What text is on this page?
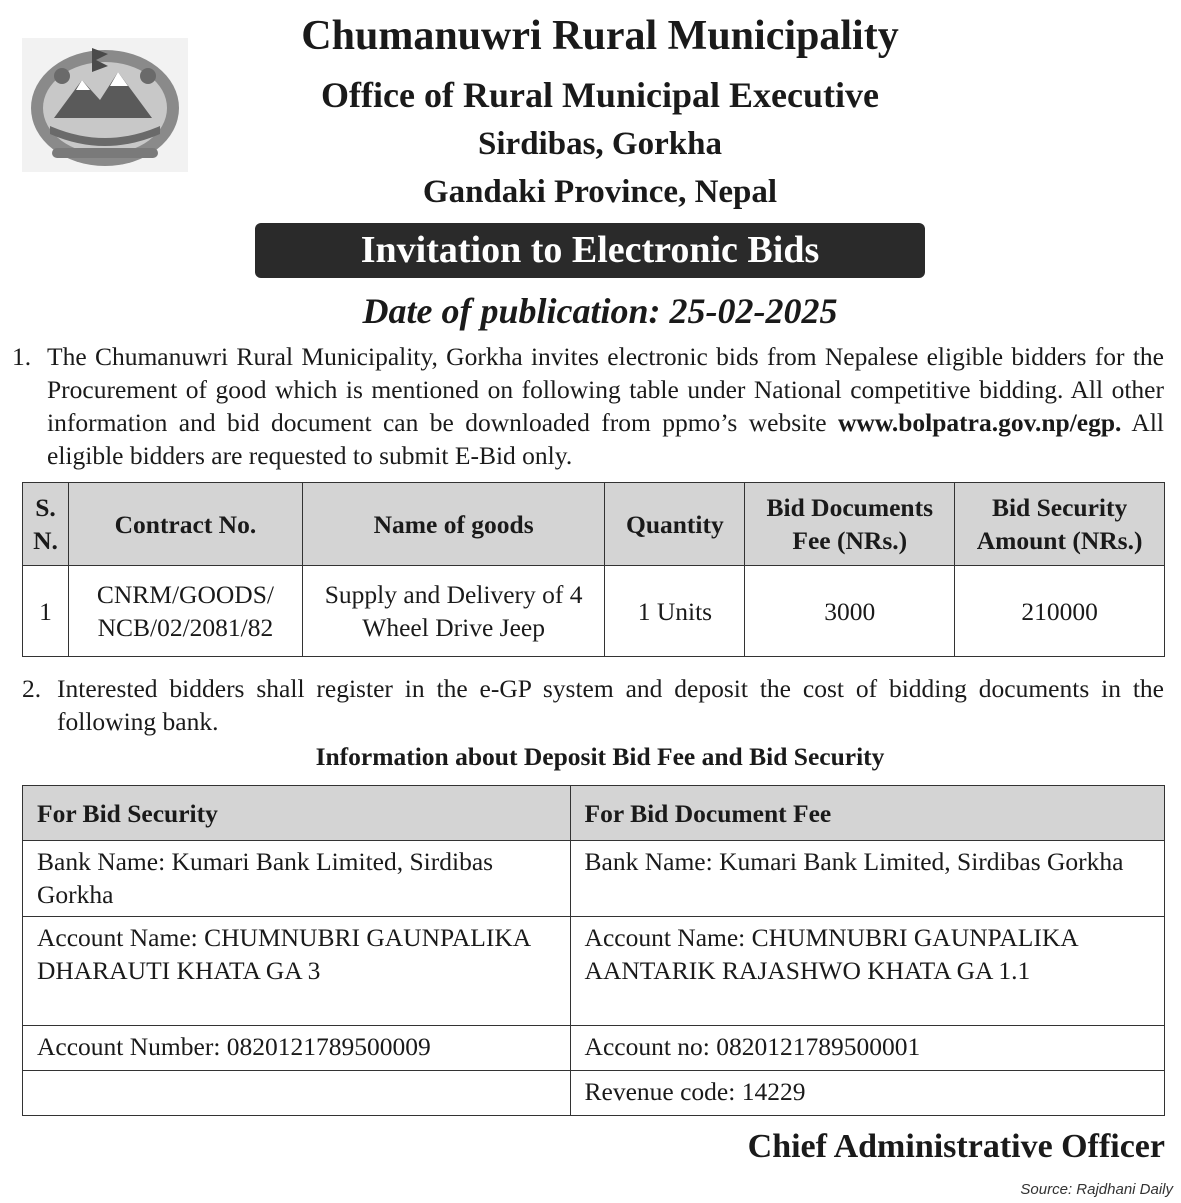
Chumanuwri Rural Municipality
Office of Rural Municipal Executive
Sirdibas, Gorkha
Gandaki Province, Nepal
Invitation to Electronic Bids
Date of publication: 25-02-2025
1. The Chumanuwri Rural Municipality, Gorkha invites electronic bids from Nepalese eligible bidders for the Procurement of good which is mentioned on following table under National competitive bidding. All other information and bid document can be downloaded from ppmo’s website www.bolpatra.gov.np/egp. All eligible bidders are requested to submit E-Bid only.
S. N.	Contract No.	Name of goods	Quantity	Bid Documents Fee (NRs.)	Bid Security Amount (NRs.)
1	CNRM/GOODS/ NCB/02/2081/82	Supply and Delivery of 4 Wheel Drive Jeep	1 Units	3000	210000
2. Interested bidders shall register in the e-GP system and deposit the cost of bidding documents in the following bank.
Information about Deposit Bid Fee and Bid Security
For Bid Security	For Bid Document Fee
Bank Name: Kumari Bank Limited, Sirdibas Gorkha	Bank Name: Kumari Bank Limited, Sirdibas Gorkha
Account Name: CHUMNUBRI GAUNPALIKA DHARAUTI KHATA GA 3	Account Name: CHUMNUBRI GAUNPALIKA AANTARIK RAJASHWO KHATA GA 1.1
Account Number: 0820121789500009	Account no: 0820121789500001
	Revenue code: 14229
Chief Administrative Officer
Source: Rajdhani Daily
